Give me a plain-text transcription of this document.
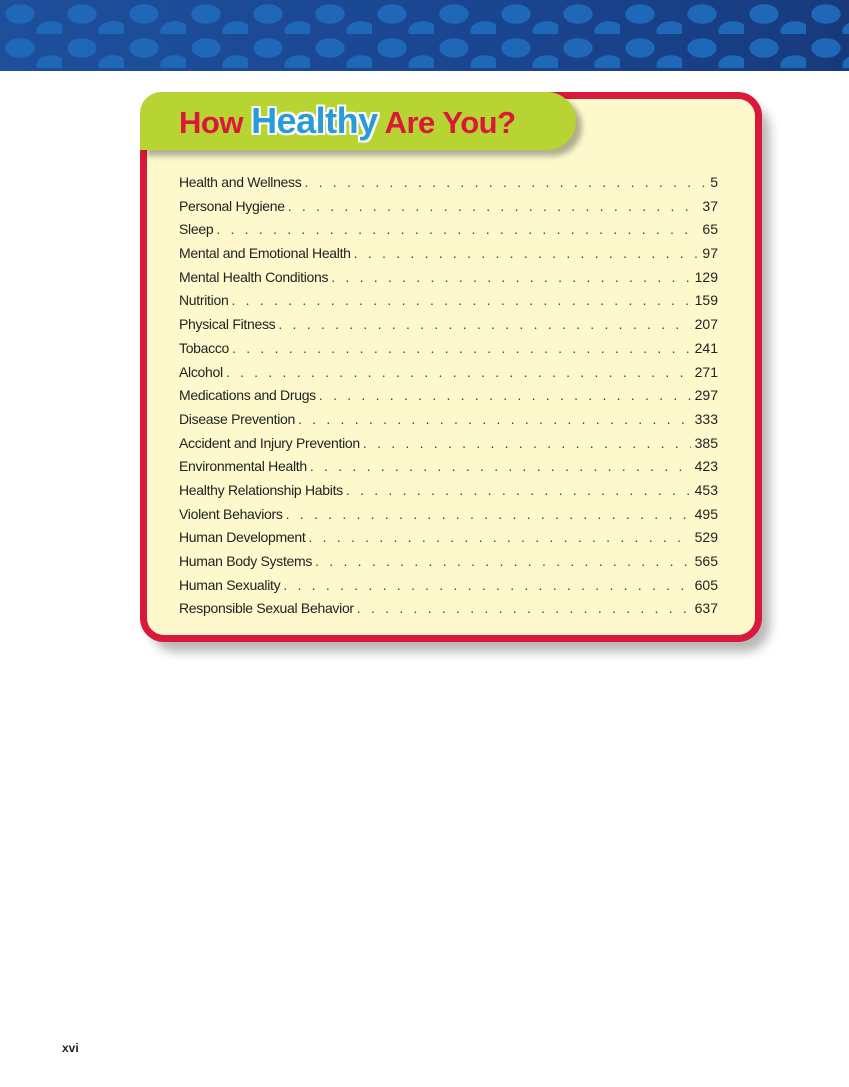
How Healthy Are You?
Health and Wellness . . .	5
Personal Hygiene . . .	37
Sleep . . .	65
Mental and Emotional Health . . .	97
Mental Health Conditions . . .	129
Nutrition . . .	159
Physical Fitness . . .	207
Tobacco . . .	241
Alcohol . . .	271
Medications and Drugs . . .	297
Disease Prevention . . .	333
Accident and Injury Prevention . . .	385
Environmental Health . . .	423
Healthy Relationship Habits . . .	453
Violent Behaviors . . .	495
Human Development . . .	529
Human Body Systems . . .	565
Human Sexuality . . .	605
Responsible Sexual Behavior . . .	637
xvi
